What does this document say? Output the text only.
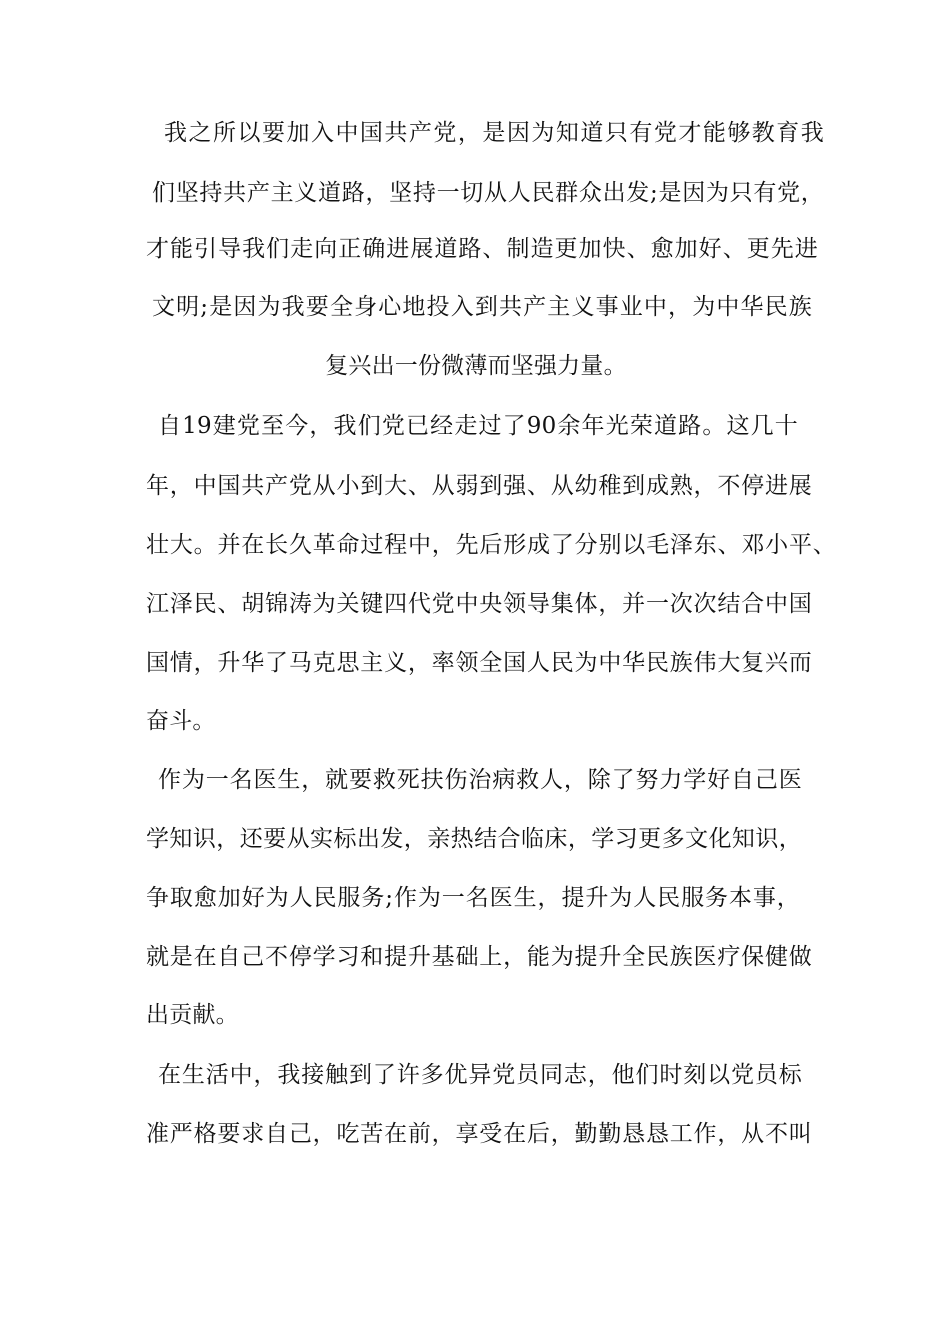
我之所以要加入中国共产党，是因为知道只有党才能够教育我

们坚持共产主义道路，坚持一切从人民群众出发;是因为只有党，

才能引导我们走向正确进展道路、制造更加快、愈加好、更先进

文明;是因为我要全身心地投入到共产主义事业中，为中华民族

复兴出一份微薄而坚强力量。

自19建党至今，我们党已经走过了90余年光荣道路。这几十

年，中国共产党从小到大、从弱到强、从幼稚到成熟，不停进展

壮大。并在长久革命过程中，先后形成了分别以毛泽东、邓小平、

江泽民、胡锦涛为关键四代党中央领导集体，并一次次结合中国

国情，升华了马克思主义，率领全国人民为中华民族伟大复兴而

奋斗。

作为一名医生，就要救死扶伤治病救人，除了努力学好自己医

学知识，还要从实标出发，亲热结合临床，学习更多文化知识，

争取愈加好为人民服务;作为一名医生，提升为人民服务本事，

就是在自己不停学习和提升基础上，能为提升全民族医疗保健做

出贡献。

在生活中，我接触到了许多优异党员同志，他们时刻以党员标

准严格要求自己，吃苦在前，享受在后，勤勤恳恳工作，从不叫
